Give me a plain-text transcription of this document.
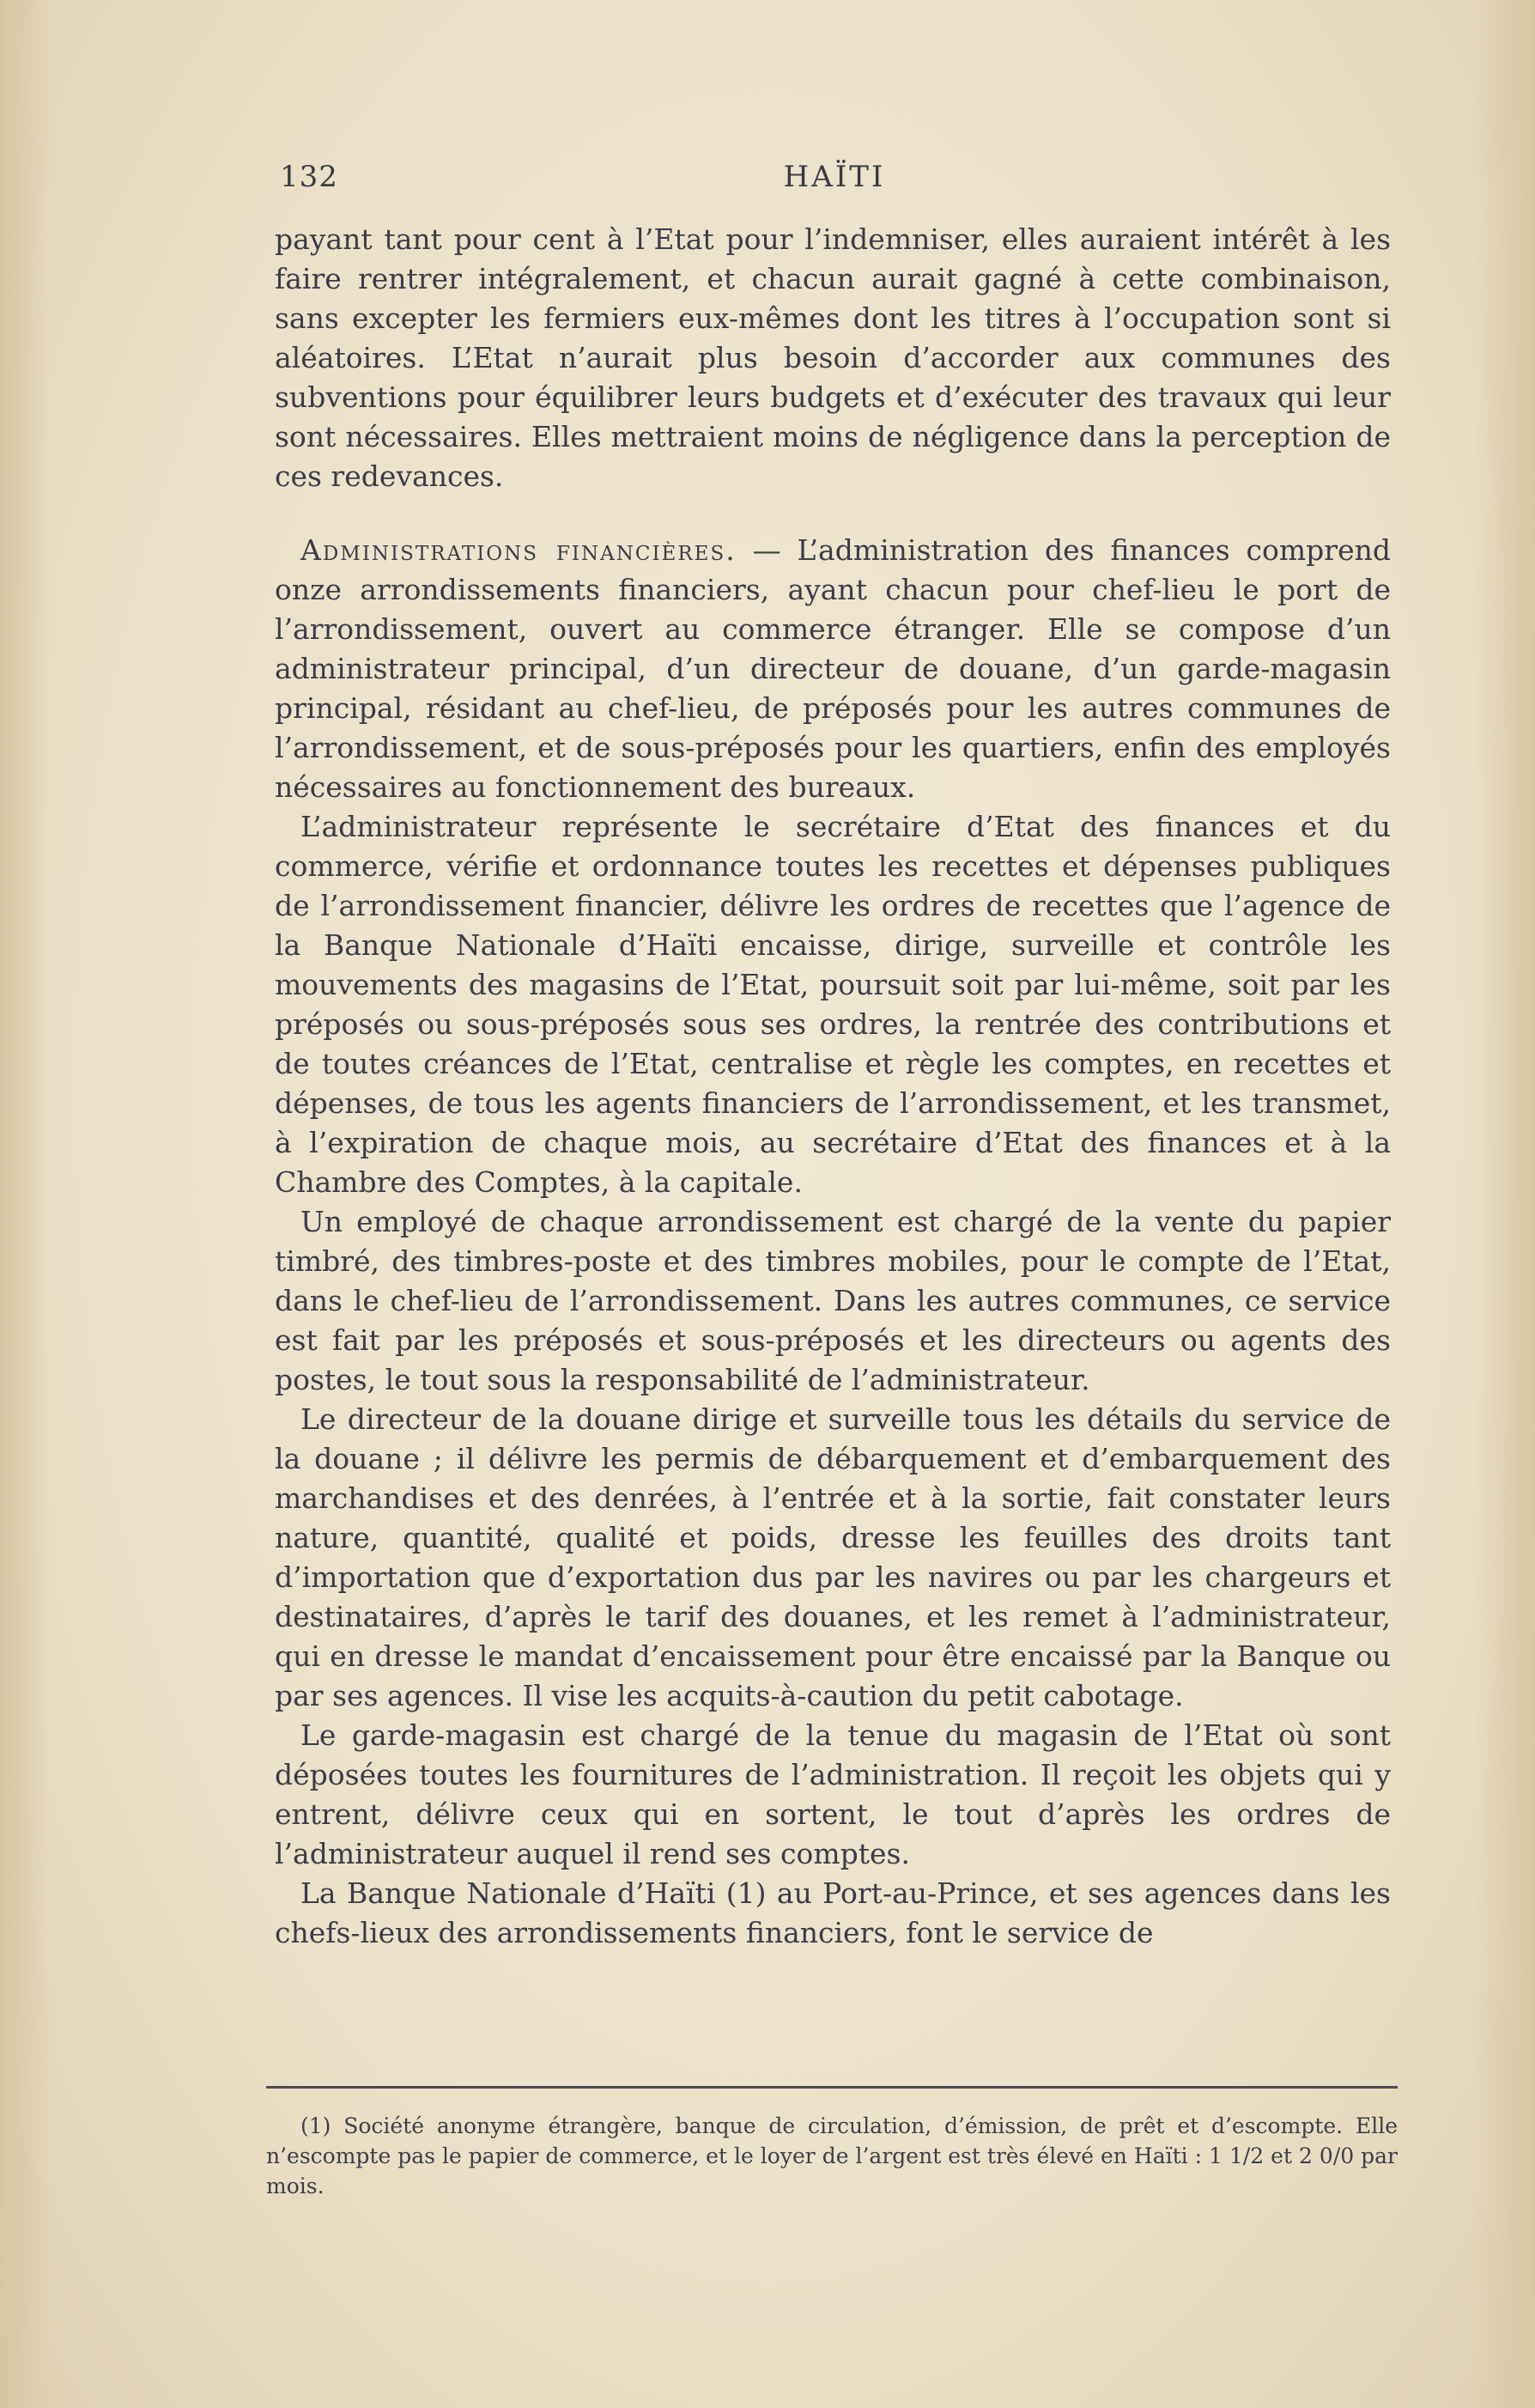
132	HAÏTI

payant tant pour cent à l’Etat pour l’indemniser, elles auraient intérêt à les faire rentrer intégralement, et chacun aurait gagné à cette combinaison, sans excepter les fermiers eux-mêmes dont les titres à l’occupation sont si aléatoires. L’Etat n’aurait plus besoin d’accorder aux communes des subventions pour équilibrer leurs budgets et d’exécuter des travaux qui leur sont nécessaires. Elles mettraient moins de négligence dans la perception de ces redevances.

Administrations financières. — L’administration des finances comprend onze arrondissements financiers, ayant chacun pour chef-lieu le port de l’arrondissement, ouvert au commerce étranger. Elle se compose d’un administrateur principal, d’un directeur de douane, d’un garde-magasin principal, résidant au chef-lieu, de préposés pour les autres communes de l’arrondissement, et de sous-préposés pour les quartiers, enfin des employés nécessaires au fonctionnement des bureaux.

L’administrateur représente le secrétaire d’Etat des finances et du commerce, vérifie et ordonnance toutes les recettes et dépenses publiques de l’arrondissement financier, délivre les ordres de recettes que l’agence de la Banque Nationale d’Haïti encaisse, dirige, surveille et contrôle les mouvements des magasins de l’Etat, poursuit soit par lui-même, soit par les préposés ou sous-préposés sous ses ordres, la rentrée des contributions et de toutes créances de l’Etat, centralise et règle les comptes, en recettes et dépenses, de tous les agents financiers de l’arrondissement, et les transmet, à l’expiration de chaque mois, au secrétaire d’Etat des finances et à la Chambre des Comptes, à la capitale.

Un employé de chaque arrondissement est chargé de la vente du papier timbré, des timbres-poste et des timbres mobiles, pour le compte de l’Etat, dans le chef-lieu de l’arrondissement. Dans les autres communes, ce service est fait par les préposés et sous-préposés et les directeurs ou agents des postes, le tout sous la responsabilité de l’administrateur.

Le directeur de la douane dirige et surveille tous les détails du service de la douane ; il délivre les permis de débarquement et d’embarquement des marchandises et des denrées, à l’entrée et à la sortie, fait constater leurs nature, quantité, qualité et poids, dresse les feuilles des droits tant d’importation que d’exportation dus par les navires ou par les chargeurs et destinataires, d’après le tarif des douanes, et les remet à l’administrateur, qui en dresse le mandat d’encaissement pour être encaissé par la Banque ou par ses agences. Il vise les acquits-à-caution du petit cabotage.

Le garde-magasin est chargé de la tenue du magasin de l’Etat où sont déposées toutes les fournitures de l’administration. Il reçoit les objets qui y entrent, délivre ceux qui en sortent, le tout d’après les ordres de l’administrateur auquel il rend ses comptes.

La Banque Nationale d’Haïti (1) au Port-au-Prince, et ses agences dans les chefs-lieux des arrondissements financiers, font le service de

(1) Société anonyme étrangère, banque de circulation, d’émission, de prêt et d’escompte. Elle n’escompte pas le papier de commerce, et le loyer de l’argent est très élevé en Haïti : 1 1/2 et 2 0/0 par mois.
